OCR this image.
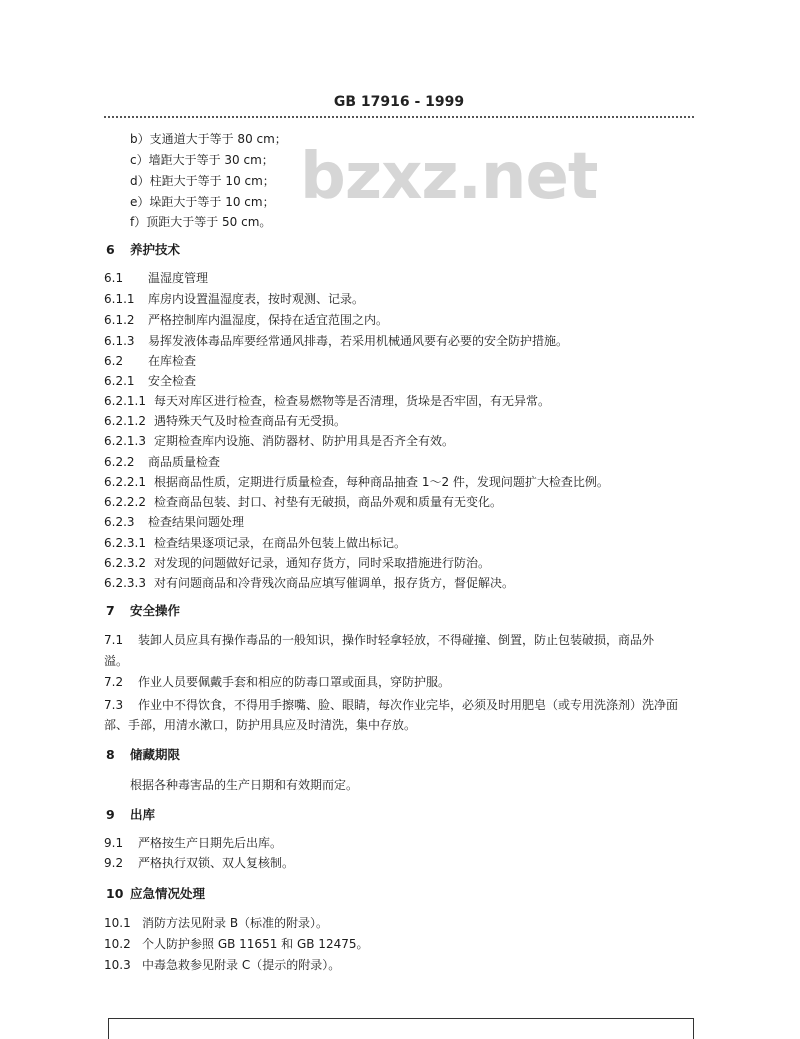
GB 17916 - 1999
bzxz.net
b）支通道大于等于 80 cm；
c）墙距大于等于 30 cm；
d）柱距大于等于 10 cm；
e）垛距大于等于 10 cm；
f）顶距大于等于 50 cm。
6 养护技术
6.1 温湿度管理
6.1.1 库房内设置温湿度表，按时观测、记录。
6.1.2 严格控制库内温湿度，保持在适宜范围之内。
6.1.3 易挥发液体毒品库要经常通风排毒，若采用机械通风要有必要的安全防护措施。
6.2 在库检查
6.2.1 安全检查
6.2.1.1 每天对库区进行检查，检查易燃物等是否清理，货垛是否牢固，有无异常。
6.2.1.2 遇特殊天气及时检查商品有无受损。
6.2.1.3 定期检查库内设施、消防器材、防护用具是否齐全有效。
6.2.2 商品质量检查
6.2.2.1 根据商品性质，定期进行质量检查，每种商品抽查 1～2 件，发现问题扩大检查比例。
6.2.2.2 检查商品包装、封口、衬垫有无破损，商品外观和质量有无变化。
6.2.3 检查结果问题处理
6.2.3.1 检查结果逐项记录，在商品外包装上做出标记。
6.2.3.2 对发现的问题做好记录，通知存货方，同时采取措施进行防治。
6.2.3.3 对有问题商品和冷背残次商品应填写催调单，报存货方，督促解决。
7 安全操作
7.1 装卸人员应具有操作毒品的一般知识，操作时轻拿轻放，不得碰撞、倒置，防止包装破损，商品外
溢。
7.2 作业人员要佩戴手套和相应的防毒口罩或面具，穿防护服。
7.3 作业中不得饮食，不得用手擦嘴、脸、眼睛，每次作业完毕，必须及时用肥皂（或专用洗涤剂）洗净面
部、手部，用清水漱口，防护用具应及时清洗，集中存放。
8 储藏期限
根据各种毒害品的生产日期和有效期而定。
9 出库
9.1 严格按生产日期先后出库。
9.2 严格执行双锁、双人复核制。
10 应急情况处理
10.1 消防方法见附录 B（标准的附录）。
10.2 个人防护参照 GB 11651 和 GB 12475。
10.3 中毒急救参见附录 C（提示的附录）。
